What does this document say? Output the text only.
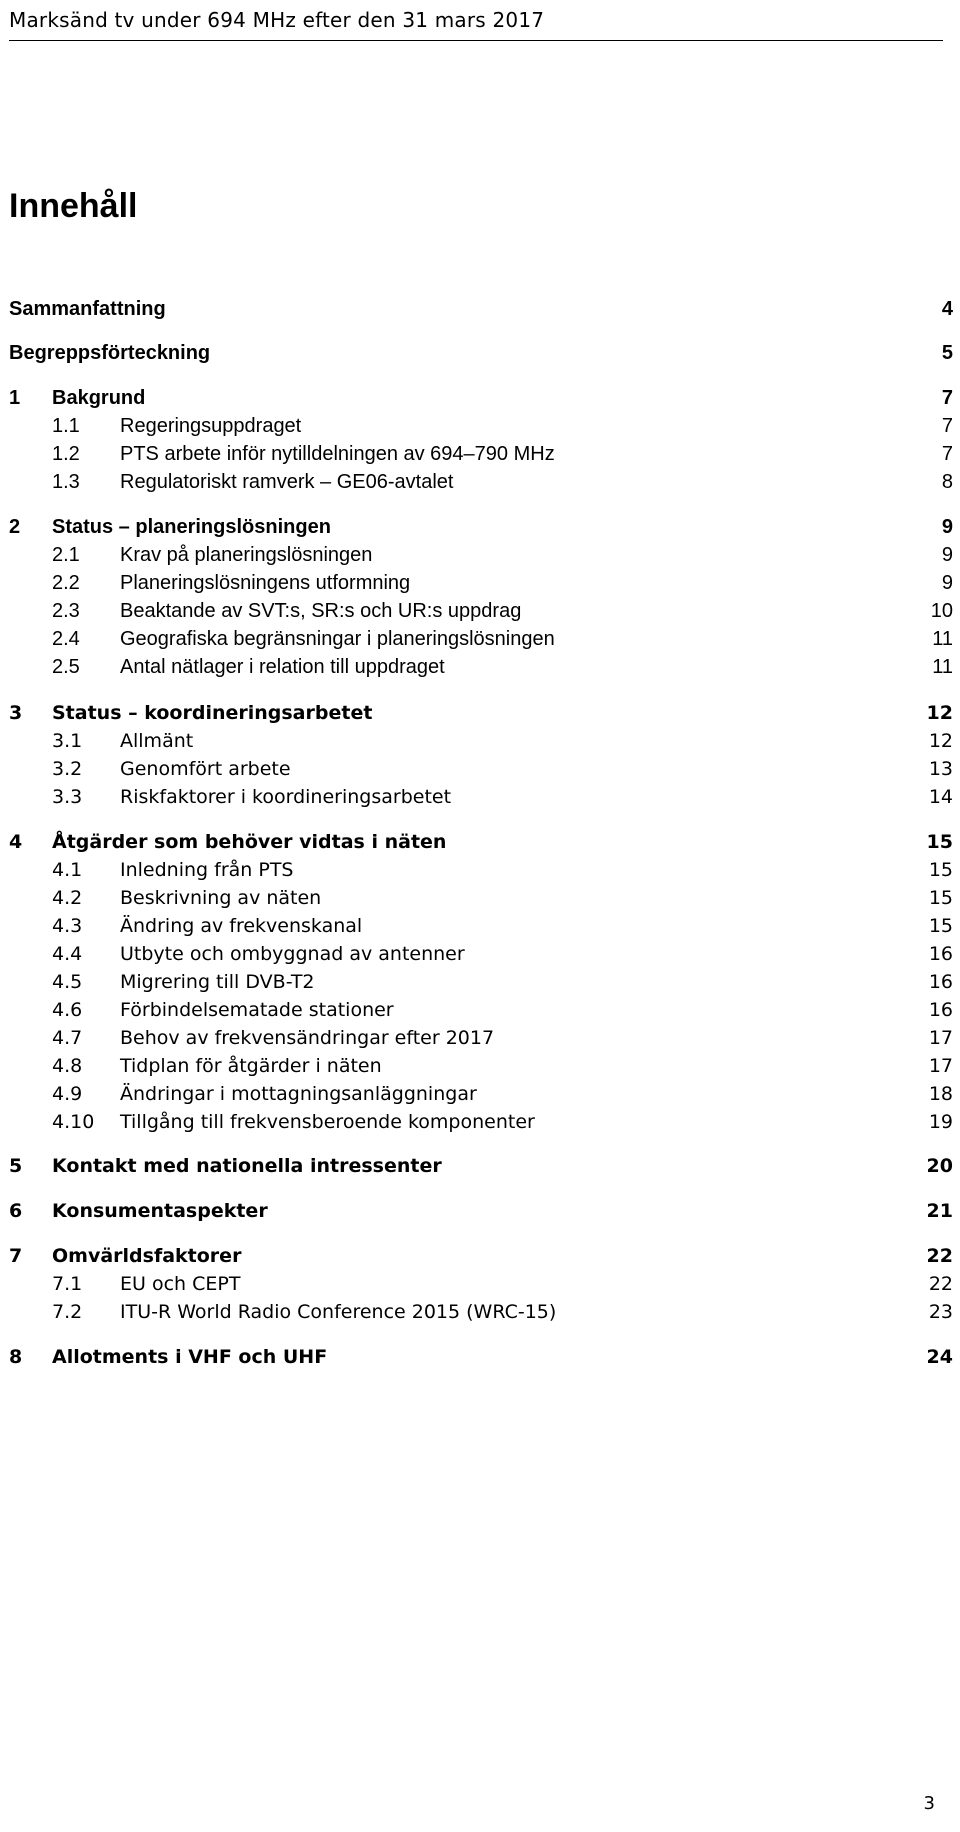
Marksänd tv under 694 MHz efter den 31 mars 2017
Innehåll
Sammanfattning	4
Begreppsförteckning	5
1 Bakgrund	7
1.1 Regeringsuppdraget	7
1.2 PTS arbete inför nytilldelningen av 694–790 MHz	7
1.3 Regulatoriskt ramverk – GE06-avtalet	8
2 Status – planeringslösningen	9
2.1 Krav på planeringslösningen	9
2.2 Planeringslösningens utformning	9
2.3 Beaktande av SVT:s, SR:s och UR:s uppdrag	10
2.4 Geografiska begränsningar i planeringslösningen	11
2.5 Antal nätlager i relation till uppdraget	11
3 Status – koordineringsarbetet	12
3.1 Allmänt	12
3.2 Genomfört arbete	13
3.3 Riskfaktorer i koordineringsarbetet	14
4 Åtgärder som behöver vidtas i näten	15
4.1 Inledning från PTS	15
4.2 Beskrivning av näten	15
4.3 Ändring av frekvenskanal	15
4.4 Utbyte och ombyggnad av antenner	16
4.5 Migrering till DVB-T2	16
4.6 Förbindelsematade stationer	16
4.7 Behov av frekvensändringar efter 2017	17
4.8 Tidplan för åtgärder i näten	17
4.9 Ändringar i mottagningsanläggningar	18
4.10 Tillgång till frekvensberoende komponenter	19
5 Kontakt med nationella intressenter	20
6 Konsumentaspekter	21
7 Omvärldsfaktorer	22
7.1 EU och CEPT	22
7.2 ITU-R World Radio Conference 2015 (WRC-15)	23
8 Allotments i VHF och UHF	24
3
